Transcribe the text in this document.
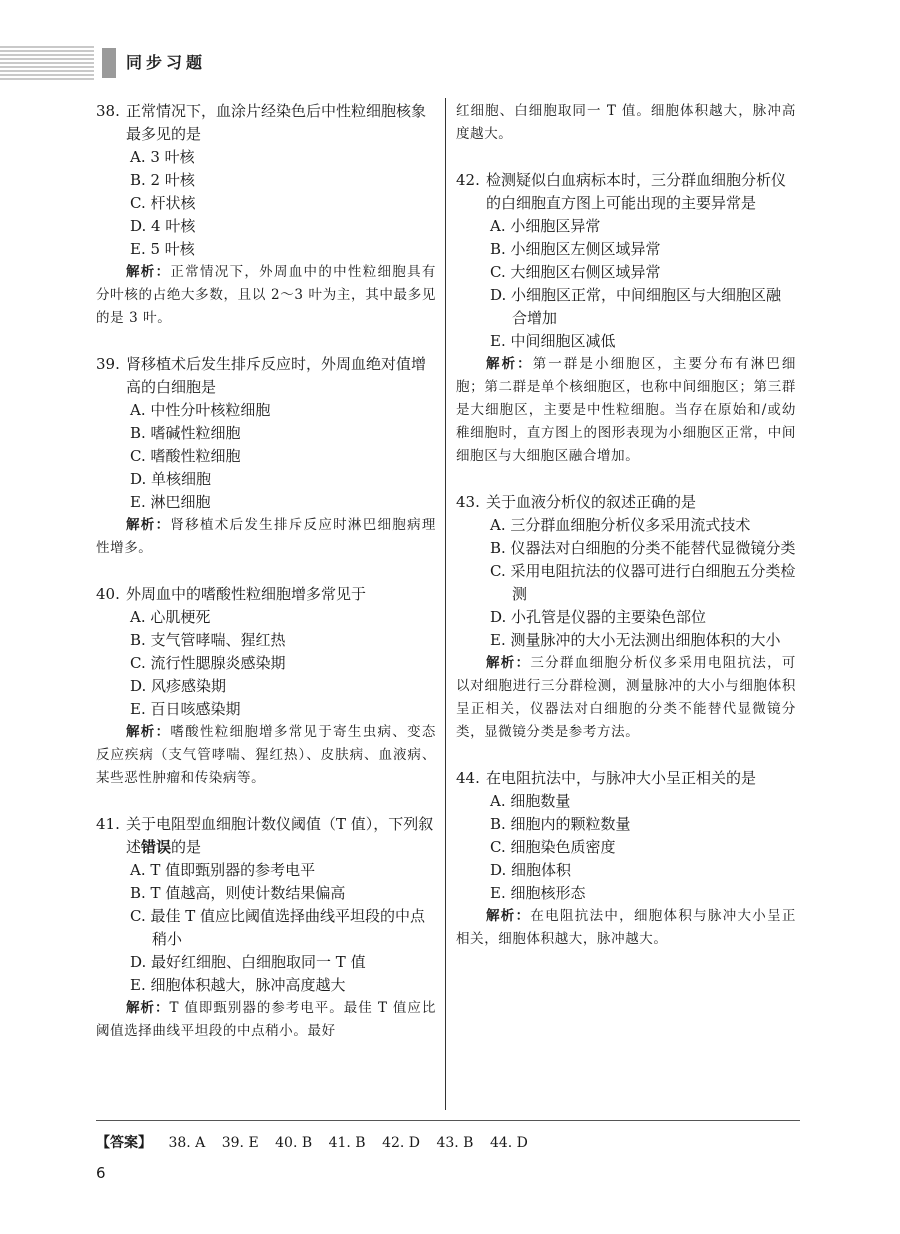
同步习题
38. 正常情况下，血涂片经染色后中性粒细胞核象最多见的是
A. 3 叶核
B. 2 叶核
C. 杆状核
D. 4 叶核
E. 5 叶核
解析：正常情况下，外周血中的中性粒细胞具有分叶核的占绝大多数，且以 2～3 叶为主，其中最多见的是 3 叶。
39. 肾移植术后发生排斥反应时，外周血绝对值增高的白细胞是
A. 中性分叶核粒细胞
B. 嗜碱性粒细胞
C. 嗜酸性粒细胞
D. 单核细胞
E. 淋巴细胞
解析：肾移植术后发生排斥反应时淋巴细胞病理性增多。
40. 外周血中的嗜酸性粒细胞增多常见于
A. 心肌梗死
B. 支气管哮喘、猩红热
C. 流行性腮腺炎感染期
D. 风疹感染期
E. 百日咳感染期
解析：嗜酸性粒细胞增多常见于寄生虫病、变态反应疾病（支气管哮喘、猩红热）、皮肤病、血液病、某些恶性肿瘤和传染病等。
41. 关于电阻型血细胞计数仪阈值（T 值），下列叙述错误的是
A. T 值即甄别器的参考电平
B. T 值越高，则使计数结果偏高
C. 最佳 T 值应比阈值选择曲线平坦段的中点稍小
D. 最好红细胞、白细胞取同一 T 值
E. 细胞体积越大，脉冲高度越大
解析：T 值即甄别器的参考电平。最佳 T 值应比阈值选择曲线平坦段的中点稍小。最好
红细胞、白细胞取同一 T 值。细胞体积越大，脉冲高度越大。
42. 检测疑似白血病标本时，三分群血细胞分析仪的白细胞直方图上可能出现的主要异常是
A. 小细胞区异常
B. 小细胞区左侧区域异常
C. 大细胞区右侧区域异常
D. 小细胞区正常，中间细胞区与大细胞区融合增加
E. 中间细胞区减低
解析：第一群是小细胞区，主要分布有淋巴细胞；第二群是单个核细胞区，也称中间细胞区；第三群是大细胞区，主要是中性粒细胞。当存在原始和/或幼稚细胞时，直方图上的图形表现为小细胞区正常，中间细胞区与大细胞区融合增加。
43. 关于血液分析仪的叙述正确的是
A. 三分群血细胞分析仪多采用流式技术
B. 仪器法对白细胞的分类不能替代显微镜分类
C. 采用电阻抗法的仪器可进行白细胞五分类检测
D. 小孔管是仪器的主要染色部位
E. 测量脉冲的大小无法测出细胞体积的大小
解析：三分群血细胞分析仪多采用电阻抗法，可以对细胞进行三分群检测，测量脉冲的大小与细胞体积呈正相关，仪器法对白细胞的分类不能替代显微镜分类，显微镜分类是参考方法。
44. 在电阻抗法中，与脉冲大小呈正相关的是
A. 细胞数量
B. 细胞内的颗粒数量
C. 细胞染色质密度
D. 细胞体积
E. 细胞核形态
解析：在电阻抗法中，细胞体积与脉冲大小呈正相关，细胞体积越大，脉冲越大。
【答案】 38. A 39. E 40. B 41. B 42. D 43. B 44. D
6
